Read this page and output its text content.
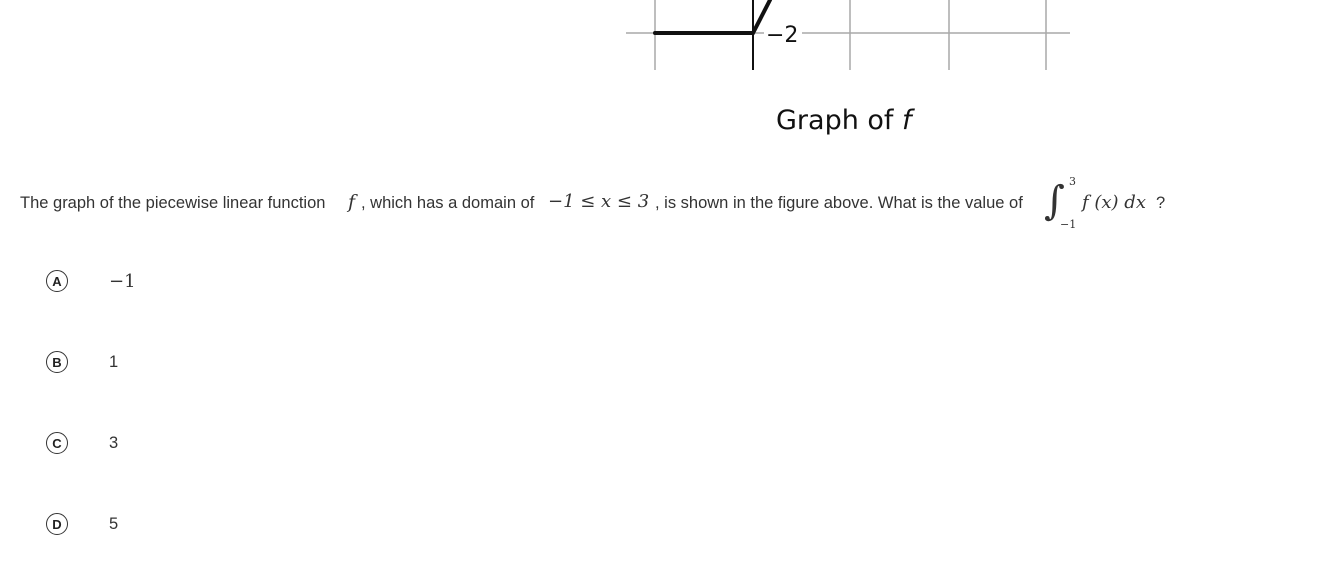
−2
Graph of f
The graph of the piecewise linear function f , which has a domain of −1 ≤ x ≤ 3 , is shown in the figure above. What is the value of ∫ 3
−1
f (x) dx ?
A	−1
B	1
C	3
D	5
